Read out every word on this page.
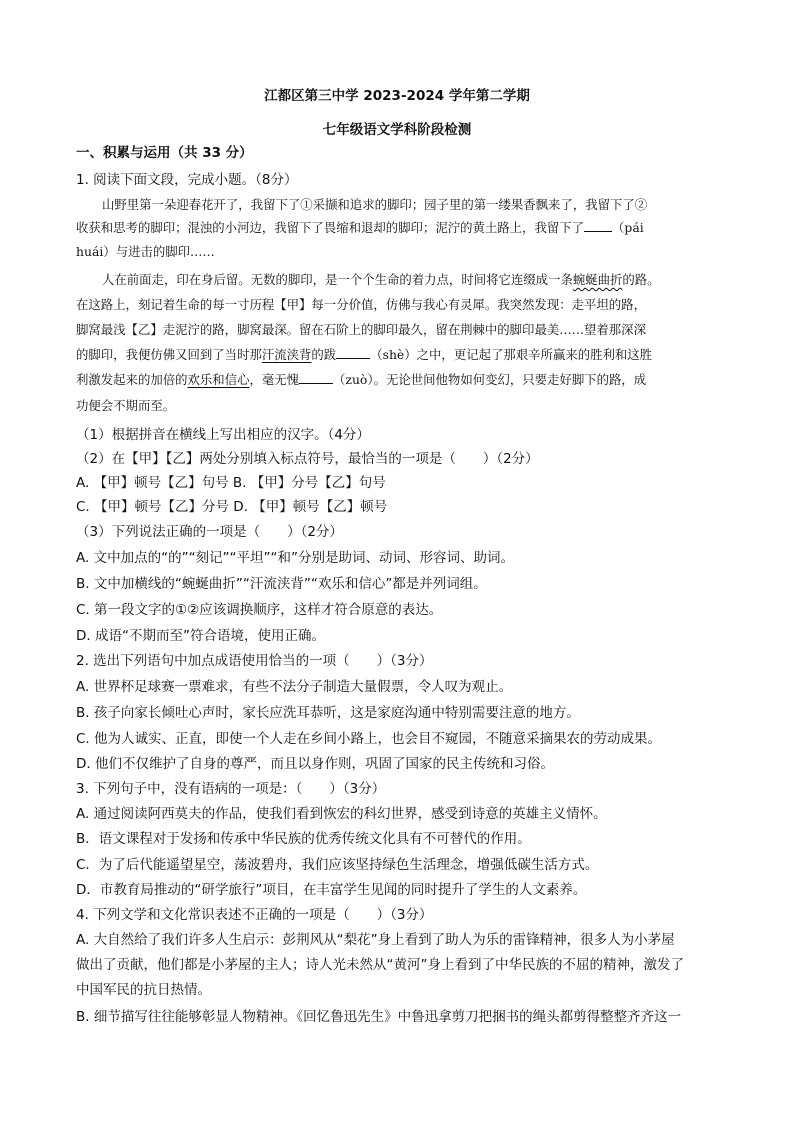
江都区第三中学 2023-2024 学年第二学期
七年级语文学科阶段检测
一、积累与运用（共 33 分）
1. 阅读下面文段，完成小题。（8分）
山野里第一朵迎春花开了，我留下了①采撷和追求的脚印；园子里的第一缕果香飘来了，我留下了②
收获和思考的脚印；混浊的小河边，我留下了畏缩和退却的脚印；泥泞的黄土路上，我留下了 （pái
huái）与进击的脚印……
人在前面走，印在身后留。无数的脚印，是一个个生命的着力点，时间将它连缀成一条蜿蜒曲折的路。
在这路上，刻记着生命的每一寸历程【甲】每一分价值，仿佛与我心有灵犀。我突然发现：走平坦的路，
脚窝最浅【乙】走泥泞的路，脚窝最深。留在石阶上的脚印最久，留在荆棘中的脚印最美……望着那深深
的脚印，我便仿佛又回到了当时那汗流浃背的跋	（shè）之中，更记起了那艰辛所赢来的胜利和这胜
利激发起来的加倍的欢乐和信心，毫无愧	（zuò）。无论世间他物如何变幻，只要走好脚下的路，成
功便会不期而至。
（1）根据拼音在横线上写出相应的汉字。（4分）
（2）在【甲】【乙】两处分别填入标点符号，最恰当的一项是（　　）（2分）
A. 【甲】顿号【乙】句号 B. 【甲】分号【乙】句号
C. 【甲】顿号【乙】分号 D. 【甲】顿号【乙】顿号
（3）下列说法正确的一项是（　　）（2分）
A. 文中加点的“的”“刻记”“平坦”“和”分别是助词、动词、形容词、助词。
B. 文中加横线的“蜿蜒曲折”“汗流浃背”“欢乐和信心”都是并列词组。
C. 第一段文字的①②应该调换顺序，这样才符合原意的表达。
D. 成语“不期而至”符合语境，使用正确。
2. 选出下列语句中加点成语使用恰当的一项（　　）（3分）
A. 世界杯足球赛一票难求，有些不法分子制造大量假票，令人叹为观止。
B. 孩子向家长倾吐心声时，家长应洗耳恭听，这是家庭沟通中特别需要注意的地方。
C. 他为人诚实、正直，即使一个人走在乡间小路上，也会目不窥园，不随意采摘果农的劳动成果。
D. 他们不仅维护了自身的尊严，而且以身作则，巩固了国家的民主传统和习俗。
3. 下列句子中，没有语病的一项是：（　　）（3分）
A. 通过阅读阿西莫夫的作品，使我们看到恢宏的科幻世界，感受到诗意的英雄主义情怀。
B．语文课程对于发扬和传承中华民族的优秀传统文化具有不可替代的作用。
C．为了后代能遥望星空，荡波碧舟，我们应该坚持绿色生活理念，增强低碳生活方式。
D．市教育局推动的“研学旅行”项目，在丰富学生见闻的同时提升了学生的人文素养。
4. 下列文学和文化常识表述不正确的一项是（　　）（3分）
A. 大自然给了我们许多人生启示：彭荆风从“梨花”身上看到了助人为乐的雷锋精神，很多人为小茅屋
做出了贡献，他们都是小茅屋的主人；诗人光未然从“黄河”身上看到了中华民族的不屈的精神，激发了
中国军民的抗日热情。
B. 细节描写往往能够彰显人物精神。《回忆鲁迅先生》中鲁迅拿剪刀把捆书的绳头都剪得整整齐齐这一
